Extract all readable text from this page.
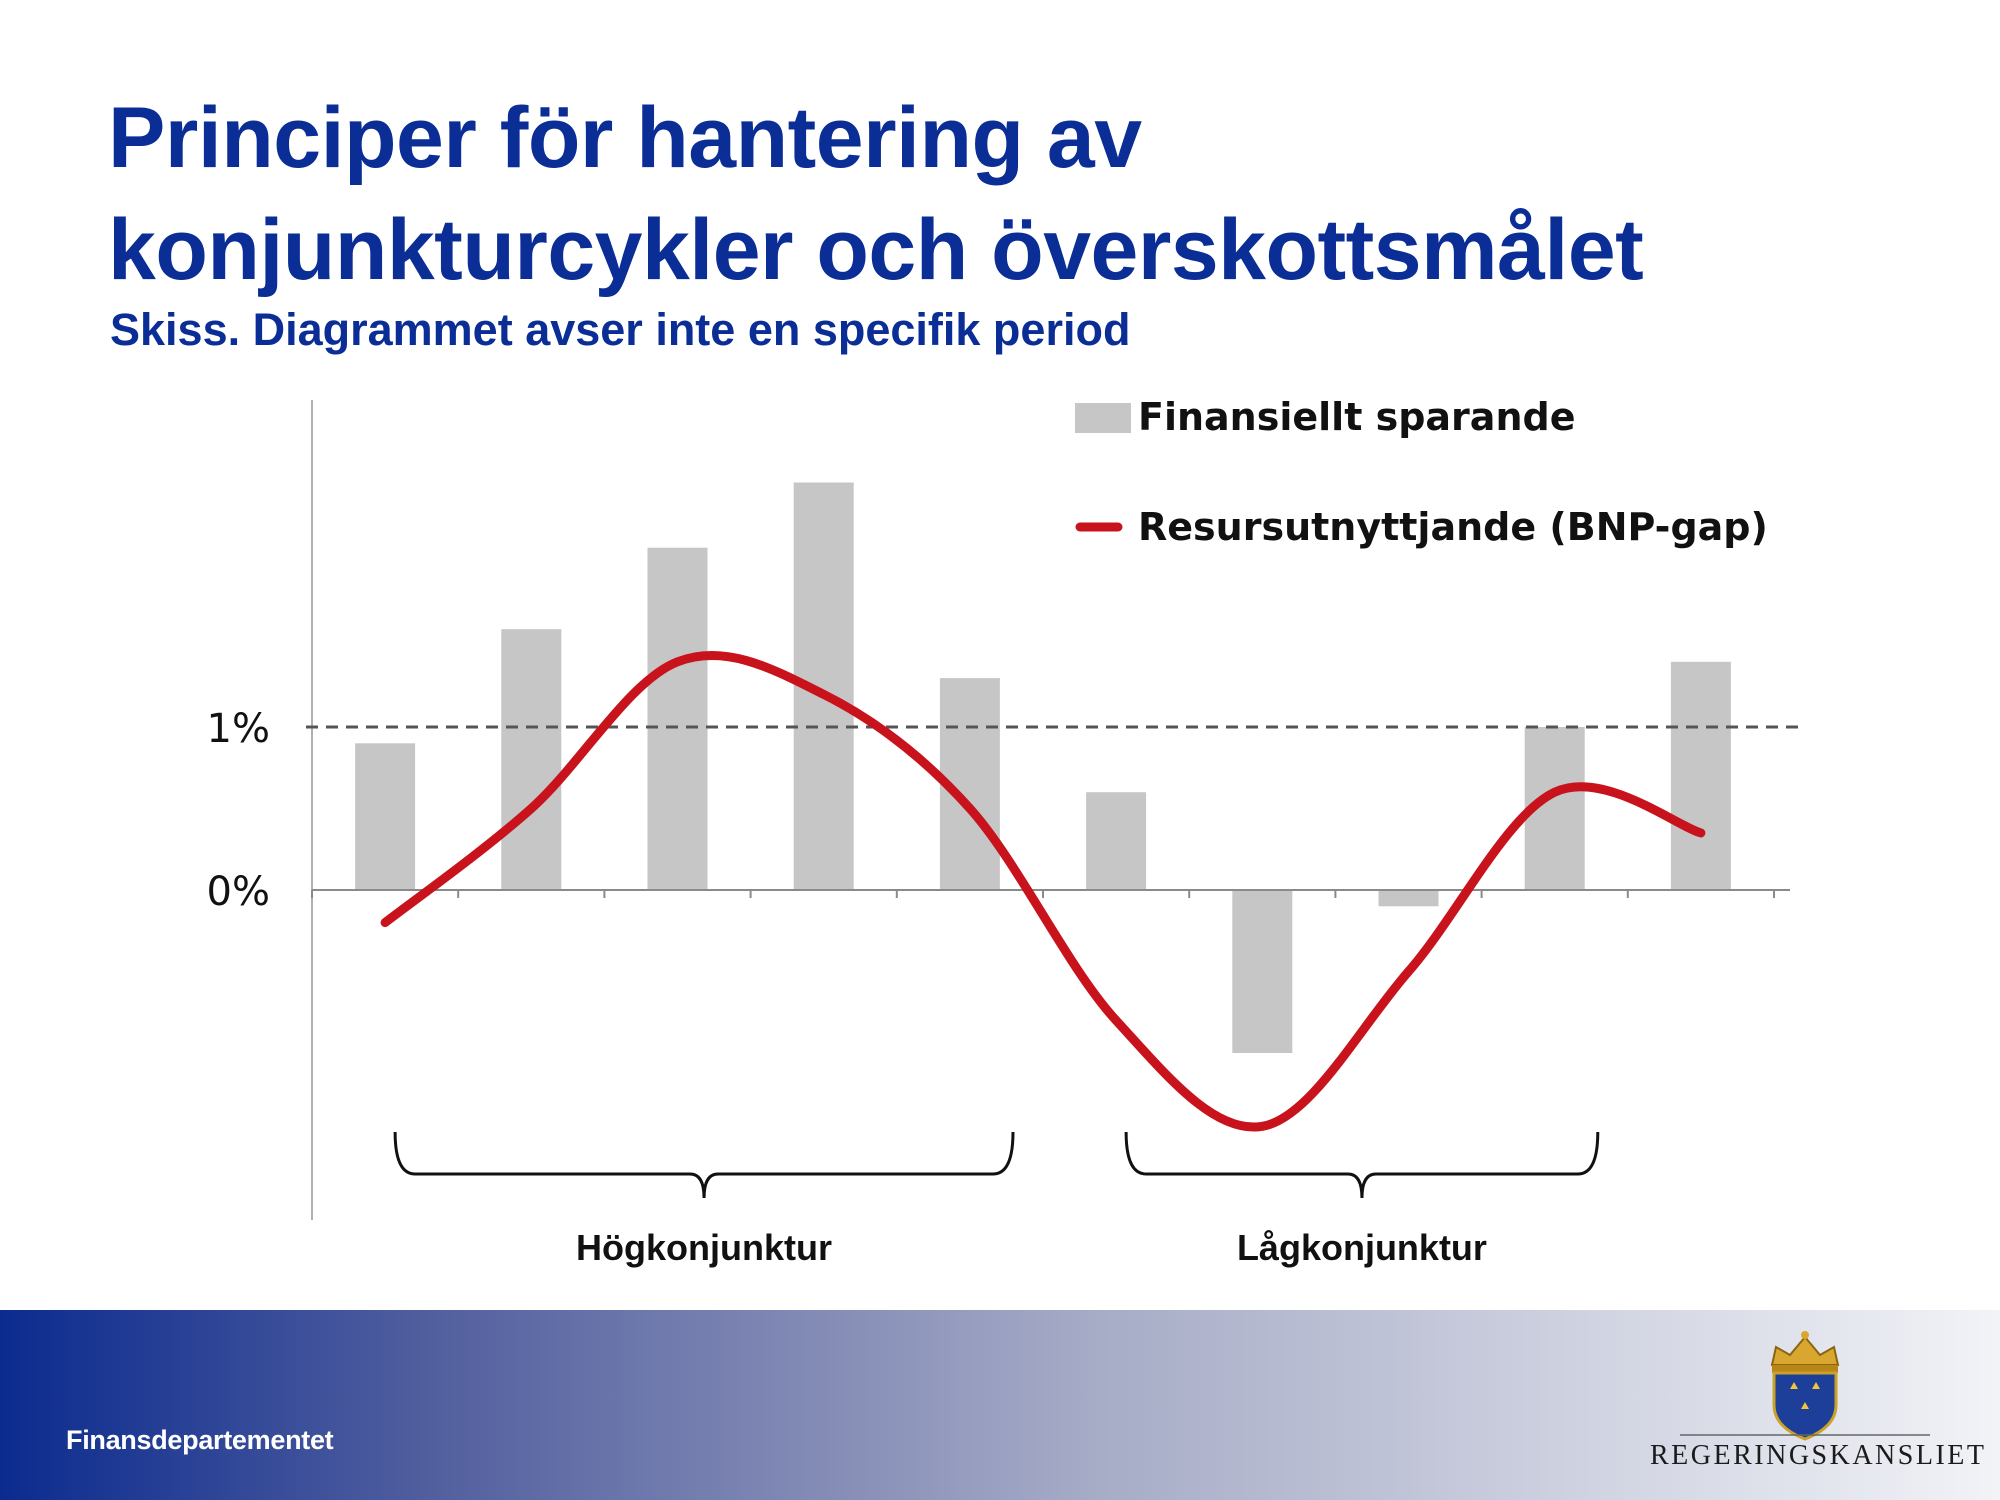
Principer för hantering av
konjunkturcykler och överskottsmålet

Skiss. Diagrammet avser inte en specifik period

0%
1%
Finansiellt sparande
Resursutnyttjande (BNP-gap)
Högkonjunktur	Lågkonjunktur
Finansdepartementet	REGERINGSKANSLIET
